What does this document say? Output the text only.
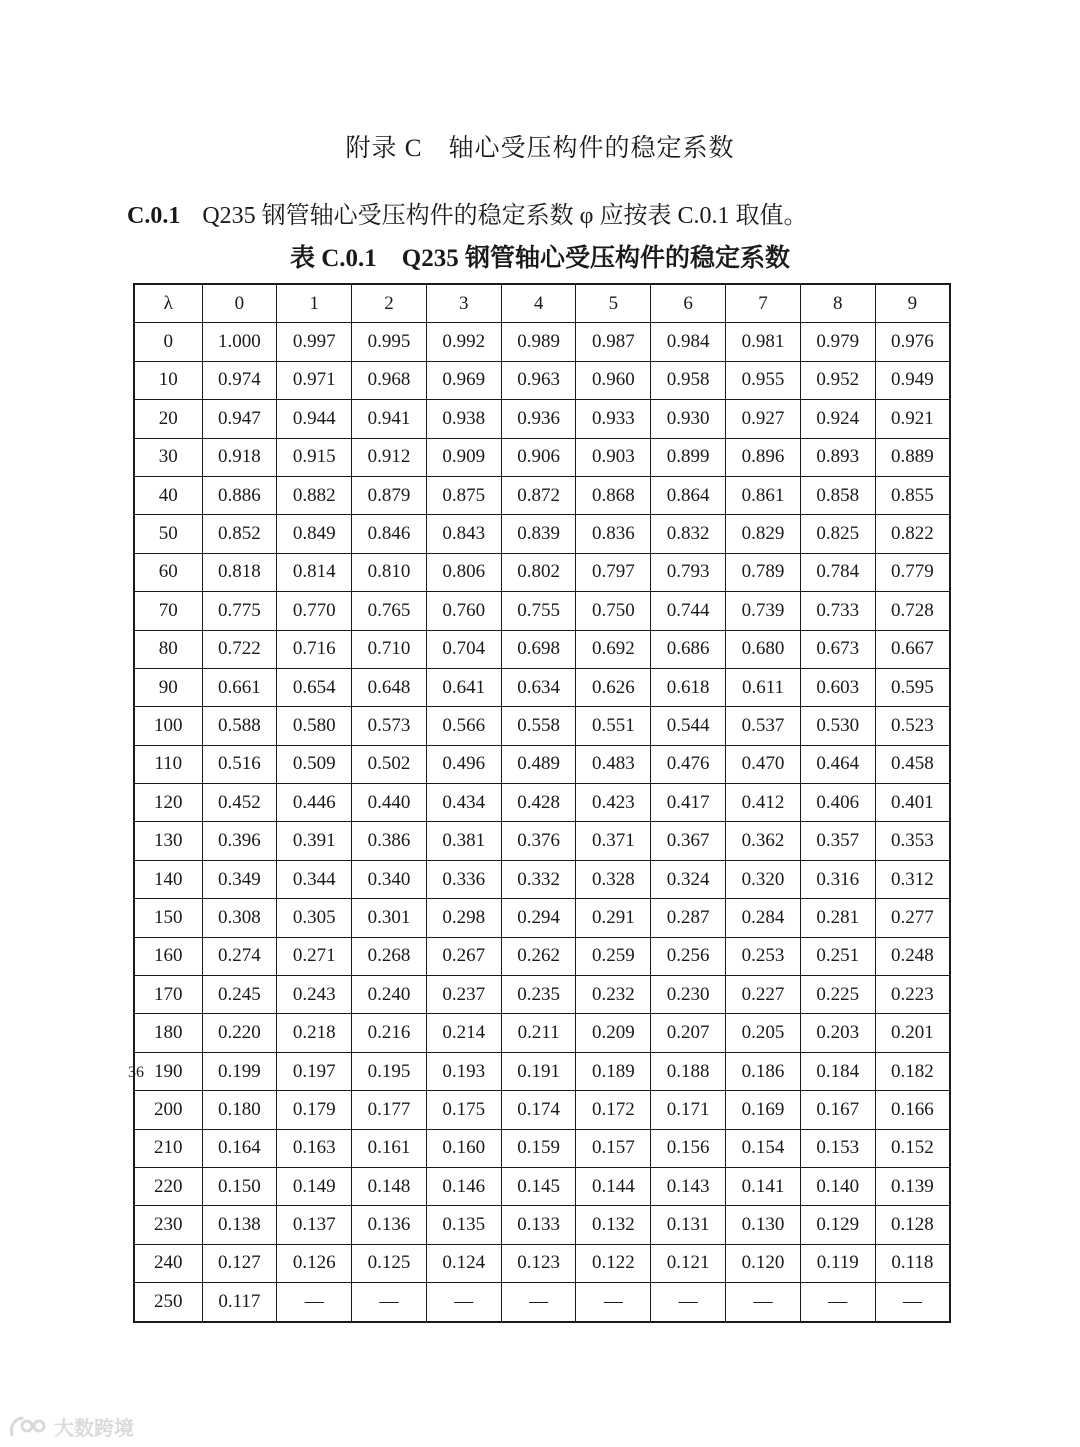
附录 C　轴心受压构件的稳定系数
C.0.1 Q235 钢管轴心受压构件的稳定系数 φ 应按表 C.0.1 取值。
表 C.0.1　Q235 钢管轴心受压构件的稳定系数
λ	0	1	2	3	4	5	6	7	8	9
0	1.000	0.997	0.995	0.992	0.989	0.987	0.984	0.981	0.979	0.976
10	0.974	0.971	0.968	0.969	0.963	0.960	0.958	0.955	0.952	0.949
20	0.947	0.944	0.941	0.938	0.936	0.933	0.930	0.927	0.924	0.921
30	0.918	0.915	0.912	0.909	0.906	0.903	0.899	0.896	0.893	0.889
40	0.886	0.882	0.879	0.875	0.872	0.868	0.864	0.861	0.858	0.855
50	0.852	0.849	0.846	0.843	0.839	0.836	0.832	0.829	0.825	0.822
60	0.818	0.814	0.810	0.806	0.802	0.797	0.793	0.789	0.784	0.779
70	0.775	0.770	0.765	0.760	0.755	0.750	0.744	0.739	0.733	0.728
80	0.722	0.716	0.710	0.704	0.698	0.692	0.686	0.680	0.673	0.667
90	0.661	0.654	0.648	0.641	0.634	0.626	0.618	0.611	0.603	0.595
100	0.588	0.580	0.573	0.566	0.558	0.551	0.544	0.537	0.530	0.523
110	0.516	0.509	0.502	0.496	0.489	0.483	0.476	0.470	0.464	0.458
120	0.452	0.446	0.440	0.434	0.428	0.423	0.417	0.412	0.406	0.401
130	0.396	0.391	0.386	0.381	0.376	0.371	0.367	0.362	0.357	0.353
140	0.349	0.344	0.340	0.336	0.332	0.328	0.324	0.320	0.316	0.312
150	0.308	0.305	0.301	0.298	0.294	0.291	0.287	0.284	0.281	0.277
160	0.274	0.271	0.268	0.267	0.262	0.259	0.256	0.253	0.251	0.248
170	0.245	0.243	0.240	0.237	0.235	0.232	0.230	0.227	0.225	0.223
180	0.220	0.218	0.216	0.214	0.211	0.209	0.207	0.205	0.203	0.201
190	0.199	0.197	0.195	0.193	0.191	0.189	0.188	0.186	0.184	0.182
200	0.180	0.179	0.177	0.175	0.174	0.172	0.171	0.169	0.167	0.166
210	0.164	0.163	0.161	0.160	0.159	0.157	0.156	0.154	0.153	0.152
220	0.150	0.149	0.148	0.146	0.145	0.144	0.143	0.141	0.140	0.139
230	0.138	0.137	0.136	0.135	0.133	0.132	0.131	0.130	0.129	0.128
240	0.127	0.126	0.125	0.124	0.123	0.122	0.121	0.120	0.119	0.118
250	0.117	—	—	—	—	—	—	—	—	—
36
大数跨境
